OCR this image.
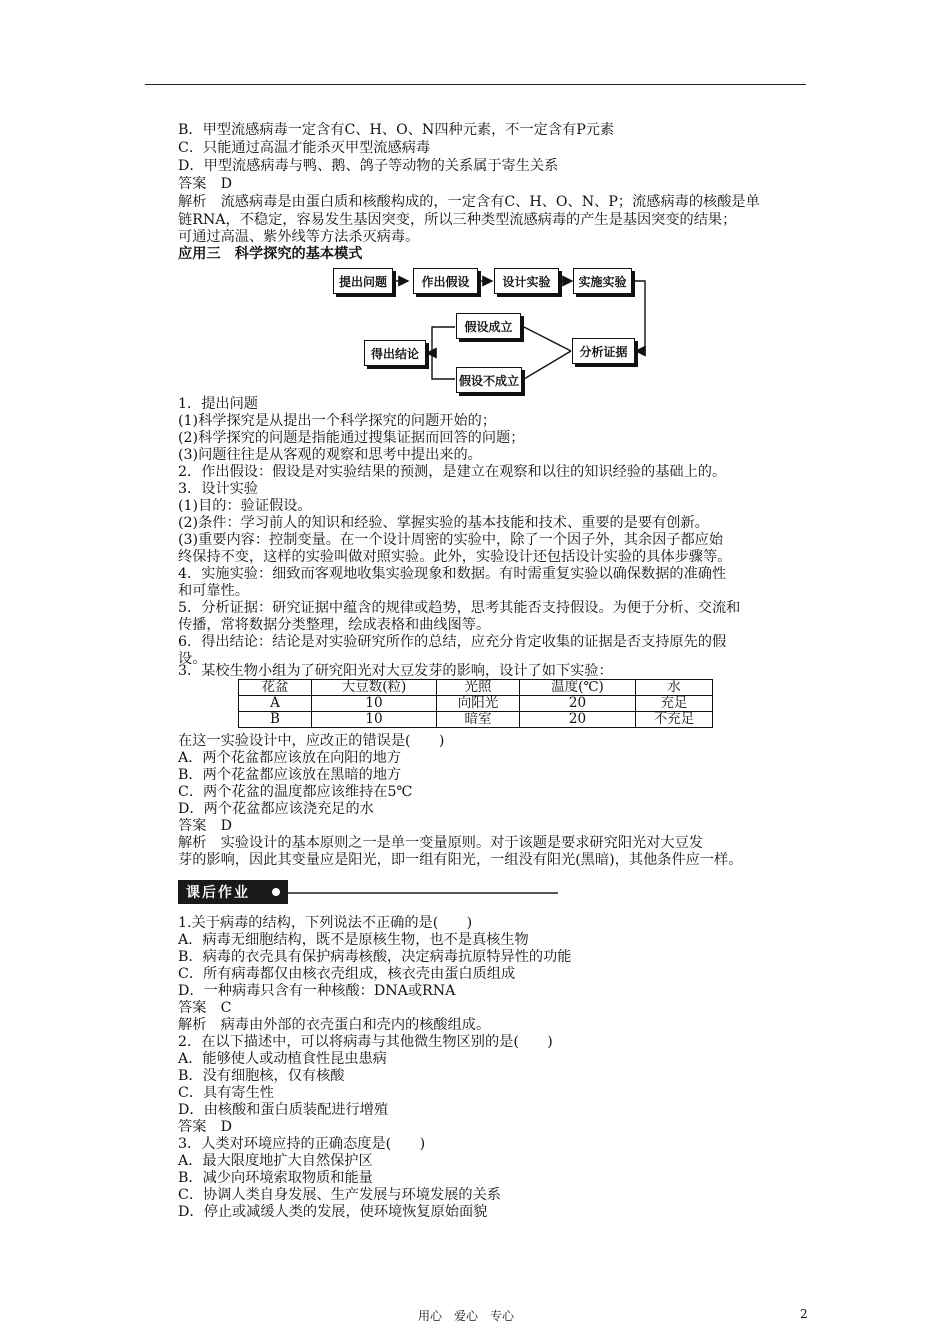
B．甲型流感病毒一定含有C、H、O、N四种元素，不一定含有P元素
C．只能通过高温才能杀灭甲型流感病毒
D．甲型流感病毒与鸭、鹅、鸽子等动物的关系属于寄生关系
答案　D
解析　流感病毒是由蛋白质和核酸构成的，一定含有C、H、O、N、P；流感病毒的核酸是单
链RNA，不稳定，容易发生基因突变，所以三种类型流感病毒的产生是基因突变的结果；
可通过高温、紫外线等方法杀灭病毒。
应用三　科学探究的基本模式
提出问题	作出假设	设计实验	实施实验
分析证据
假设成立
假设不成立
得出结论
1．提出问题
(1)科学探究是从提出一个科学探究的问题开始的；
(2)科学探究的问题是指能通过搜集证据而回答的问题；
(3)问题往往是从客观的观察和思考中提出来的。
2．作出假设：假设是对实验结果的预测，是建立在观察和以往的知识经验的基础上的。
3．设计实验
(1)目的：验证假设。
(2)条件：学习前人的知识和经验、掌握实验的基本技能和技术、重要的是要有创新。
(3)重要内容：控制变量。在一个设计周密的实验中，除了一个因子外，其余因子都应始
终保持不变，这样的实验叫做对照实验。此外，实验设计还包括设计实验的具体步骤等。
4．实施实验：细致而客观地收集实验现象和数据。有时需重复实验以确保数据的准确性
和可靠性。
5．分析证据：研究证据中蕴含的规律或趋势，思考其能否支持假设。为便于分析、交流和
传播，常将数据分类整理，绘成表格和曲线图等。
6．得出结论：结论是对实验研究所作的总结，应充分肯定收集的证据是否支持原先的假
设。
3．某校生物小组为了研究阳光对大豆发芽的影响，设计了如下实验：
花盆	大豆数(粒)	光照	温度(℃)	水
A	10	向阳光	20	充足
B	10	暗室	20	不充足
在这一实验设计中，应改正的错误是(　　)
A．两个花盆都应该放在向阳的地方
B．两个花盆都应该放在黑暗的地方
C．两个花盆的温度都应该维持在5℃
D．两个花盆都应该浇充足的水
答案　D
解析　实验设计的基本原则之一是单一变量原则。对于该题是要求研究阳光对大豆发
芽的影响，因此其变量应是阳光，即一组有阳光，一组没有阳光(黑暗)，其他条件应一样。
课后作业
1.关于病毒的结构，下列说法不正确的是(　　)
A．病毒无细胞结构，既不是原核生物，也不是真核生物
B．病毒的衣壳具有保护病毒核酸，决定病毒抗原特异性的功能
C．所有病毒都仅由核衣壳组成，核衣壳由蛋白质组成
D．一种病毒只含有一种核酸：DNA或RNA
答案　C
解析　病毒由外部的衣壳蛋白和壳内的核酸组成。
2．在以下描述中，可以将病毒与其他微生物区别的是(　　)
A．能够使人或动植食性昆虫患病
B．没有细胞核，仅有核酸
C．具有寄生性
D．由核酸和蛋白质装配进行增殖
答案　D
3．人类对环境应持的正确态度是(　　)
A．最大限度地扩大自然保护区
B．减少向环境索取物质和能量
C．协调人类自身发展、生产发展与环境发展的关系
D．停止或减缓人类的发展，使环境恢复原始面貌
用心　爱心　专心	2
